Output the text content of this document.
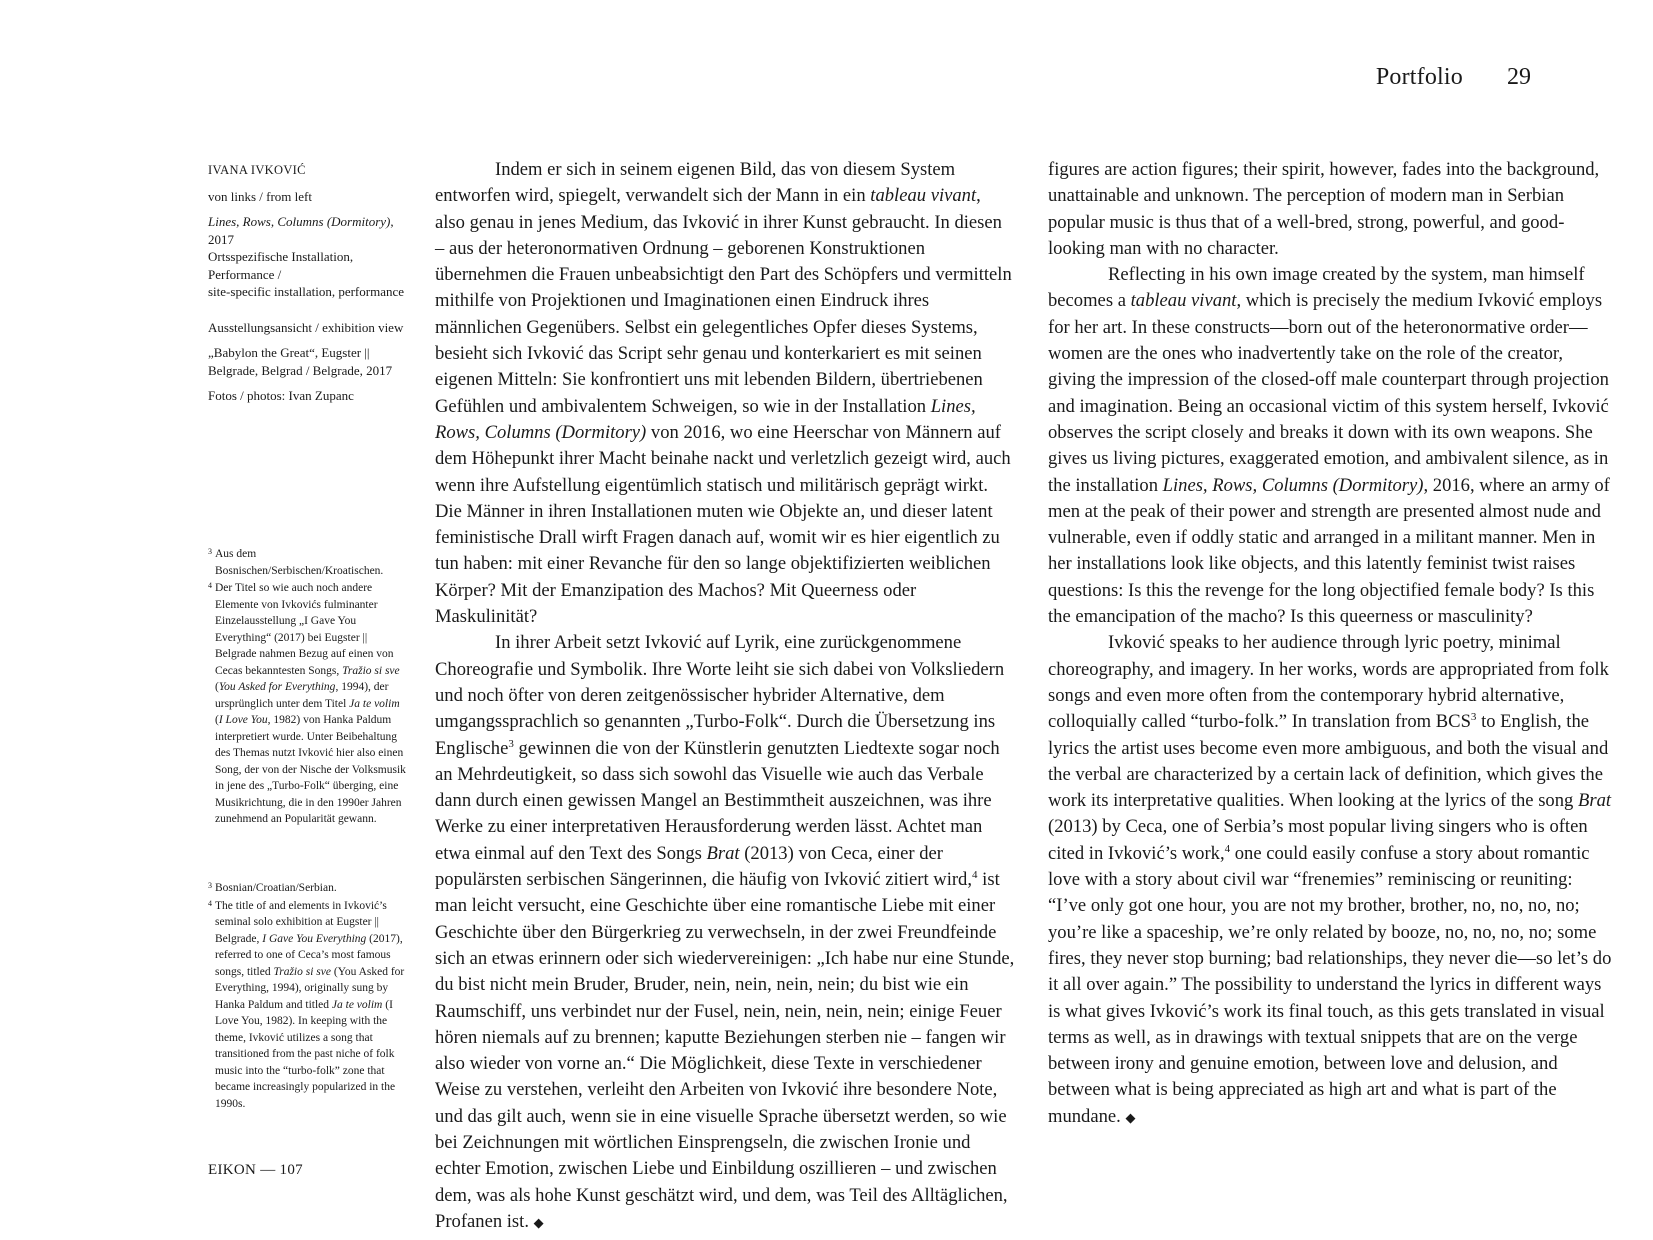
Portfolio 29

IVANA IVKOVIĆ

von links / from left

Lines, Rows, Columns (Dormitory), 2017

Ortsspezifische Installation, Performance /

site-specific installation, performance

Ausstellungsansicht / exhibition view

„Babylon the Great“, Eugster || Belgrade, Belgrad / Belgrade, 2017

Fotos / photos: Ivan Zupanc

3 Aus dem Bosnischen/Serbischen/Kroatischen.
4 Der Titel so wie auch noch andere Elemente von Ivkovićs fulminanter Einzelausstellung „I Gave You Everything“ (2017) bei Eugster || Belgrade nahmen Bezug auf einen von Cecas bekanntesten Songs, Tražio si sve (You Asked for Everything, 1994), der ursprünglich unter dem Titel Ja te volim (I Love You, 1982) von Hanka Paldum interpretiert wurde. Unter Beibehaltung des Themas nutzt Ivković hier also einen Song, der von der Nische der Volksmusik in jene des „Turbo-Folk“ überging, eine Musikrichtung, die in den 1990er Jahren zunehmend an Popularität gewann.
3 Bosnian/Croatian/Serbian.
4 The title of and elements in Ivković’s seminal solo exhibition at Eugster || Belgrade, I Gave You Everything (2017), referred to one of Ceca’s most famous songs, titled Tražio si sve (You Asked for Everything, 1994), originally sung by Hanka Paldum and titled Ja te volim (I Love You, 1982). In keeping with the theme, Ivković utilizes a song that transitioned from the past niche of folk music into the “turbo-folk” zone that became increasingly popularized in the 1990s.
EIKON — 107

Indem er sich in seinem eigenen Bild, das von diesem System entworfen wird, spiegelt, verwandelt sich der Mann in ein tableau vivant, also genau in jenes Medium, das Ivković in ihrer Kunst gebraucht. In diesen – aus der heteronormativen Ordnung – geborenen Konstruktionen übernehmen die Frauen unbeabsichtigt den Part des Schöpfers und vermitteln mithilfe von Projektionen und Imaginationen einen Eindruck ihres männlichen Gegenübers. Selbst ein gelegentliches Opfer dieses Systems, besieht sich Ivković das Script sehr genau und konterkariert es mit seinen eigenen Mitteln: Sie konfrontiert uns mit lebenden Bildern, übertriebenen Gefühlen und ambivalentem Schweigen, so wie in der Installation Lines, Rows, Columns (Dormitory) von 2016, wo eine Heerschar von Männern auf dem Höhepunkt ihrer Macht beinahe nackt und verletzlich gezeigt wird, auch wenn ihre Aufstellung eigentümlich statisch und militärisch geprägt wirkt. Die Männer in ihren Installationen muten wie Objekte an, und dieser latent feministische Drall wirft Fragen danach auf, womit wir es hier eigentlich zu tun haben: mit einer Revanche für den so lange objektifizierten weiblichen Körper? Mit der Emanzipation des Machos? Mit Queerness oder Maskulinität?

In ihrer Arbeit setzt Ivković auf Lyrik, eine zurückgenommene Choreografie und Symbolik. Ihre Worte leiht sie sich dabei von Volksliedern und noch öfter von deren zeitgenössischer hybrider Alternative, dem umgangssprachlich so genannten „Turbo-Folk“. Durch die Übersetzung ins Englische$^3$ gewinnen die von der Künstlerin genutzten Liedtexte sogar noch an Mehrdeutigkeit, so dass sich sowohl das Visuelle wie auch das Verbale dann durch einen gewissen Mangel an Bestimmtheit auszeichnen, was ihre Werke zu einer interpretativen Herausforderung werden lässt. Achtet man etwa einmal auf den Text des Songs Brat (2013) von Ceca, einer der populärsten serbischen Sängerinnen, die häufig von Ivković zitiert wird,$^4$ ist man leicht versucht, eine Geschichte über eine romantische Liebe mit einer Geschichte über den Bürgerkrieg zu verwechseln, in der zwei Freundfeinde sich an etwas erinnern oder sich wiedervereinigen: „Ich habe nur eine Stunde, du bist nicht mein Bruder, Bruder, nein, nein, nein, nein; du bist wie ein Raumschiff, uns verbindet nur der Fusel, nein, nein, nein, nein; einige Feuer hören niemals auf zu brennen; kaputte Beziehungen sterben nie – fangen wir also wieder von vorne an.“ Die Möglichkeit, diese Texte in verschiedener Weise zu verstehen, verleiht den Arbeiten von Ivković ihre besondere Note, und das gilt auch, wenn sie in eine visuelle Sprache übersetzt werden, so wie bei Zeichnungen mit wörtlichen Einsprengseln, die zwischen Ironie und echter Emotion, zwischen Liebe und Einbildung oszillieren – und zwischen dem, was als hohe Kunst geschätzt wird, und dem, was Teil des Alltäglichen, Profanen ist. ◆

figures are action figures; their spirit, however, fades into the background, unattainable and unknown. The perception of modern man in Serbian popular music is thus that of a well-bred, strong, powerful, and good-looking man with no character.

Reflecting in his own image created by the system, man himself becomes a tableau vivant, which is precisely the medium Ivković employs for her art. In these constructs—born out of the heteronormative order—women are the ones who inadvertently take on the role of the creator, giving the impression of the closed-off male counterpart through projection and imagination. Being an occasional victim of this system herself, Ivković observes the script closely and breaks it down with its own weapons. She gives us living pictures, exaggerated emotion, and ambivalent silence, as in the installation Lines, Rows, Columns (Dormitory), 2016, where an army of men at the peak of their power and strength are presented almost nude and vulnerable, even if oddly static and arranged in a militant manner. Men in her installations look like objects, and this latently feminist twist raises questions: Is this the revenge for the long objectified female body? Is this the emancipation of the macho? Is this queerness or masculinity?

Ivković speaks to her audience through lyric poetry, minimal choreography, and imagery. In her works, words are appropriated from folk songs and even more often from the contemporary hybrid alternative, colloquially called “turbo-folk.” In translation from BCS$^3$ to English, the lyrics the artist uses become even more ambiguous, and both the visual and the verbal are characterized by a certain lack of definition, which gives the work its interpretative qualities. When looking at the lyrics of the song Brat (2013) by Ceca, one of Serbia’s most popular living singers who is often cited in Ivković’s work,$^4$ one could easily confuse a story about romantic love with a story about civil war “frenemies” reminiscing or reuniting: “I’ve only got one hour, you are not my brother, brother, no, no, no, no; you’re like a spaceship, we’re only related by booze, no, no, no, no; some fires, they never stop burning; bad relationships, they never die—so let’s do it all over again.” The possibility to understand the lyrics in different ways is what gives Ivković’s work its final touch, as this gets translated in visual terms as well, as in drawings with textual snippets that are on the verge between irony and genuine emotion, between love and delusion, and between what is being appreciated as high art and what is part of the mundane. ◆
